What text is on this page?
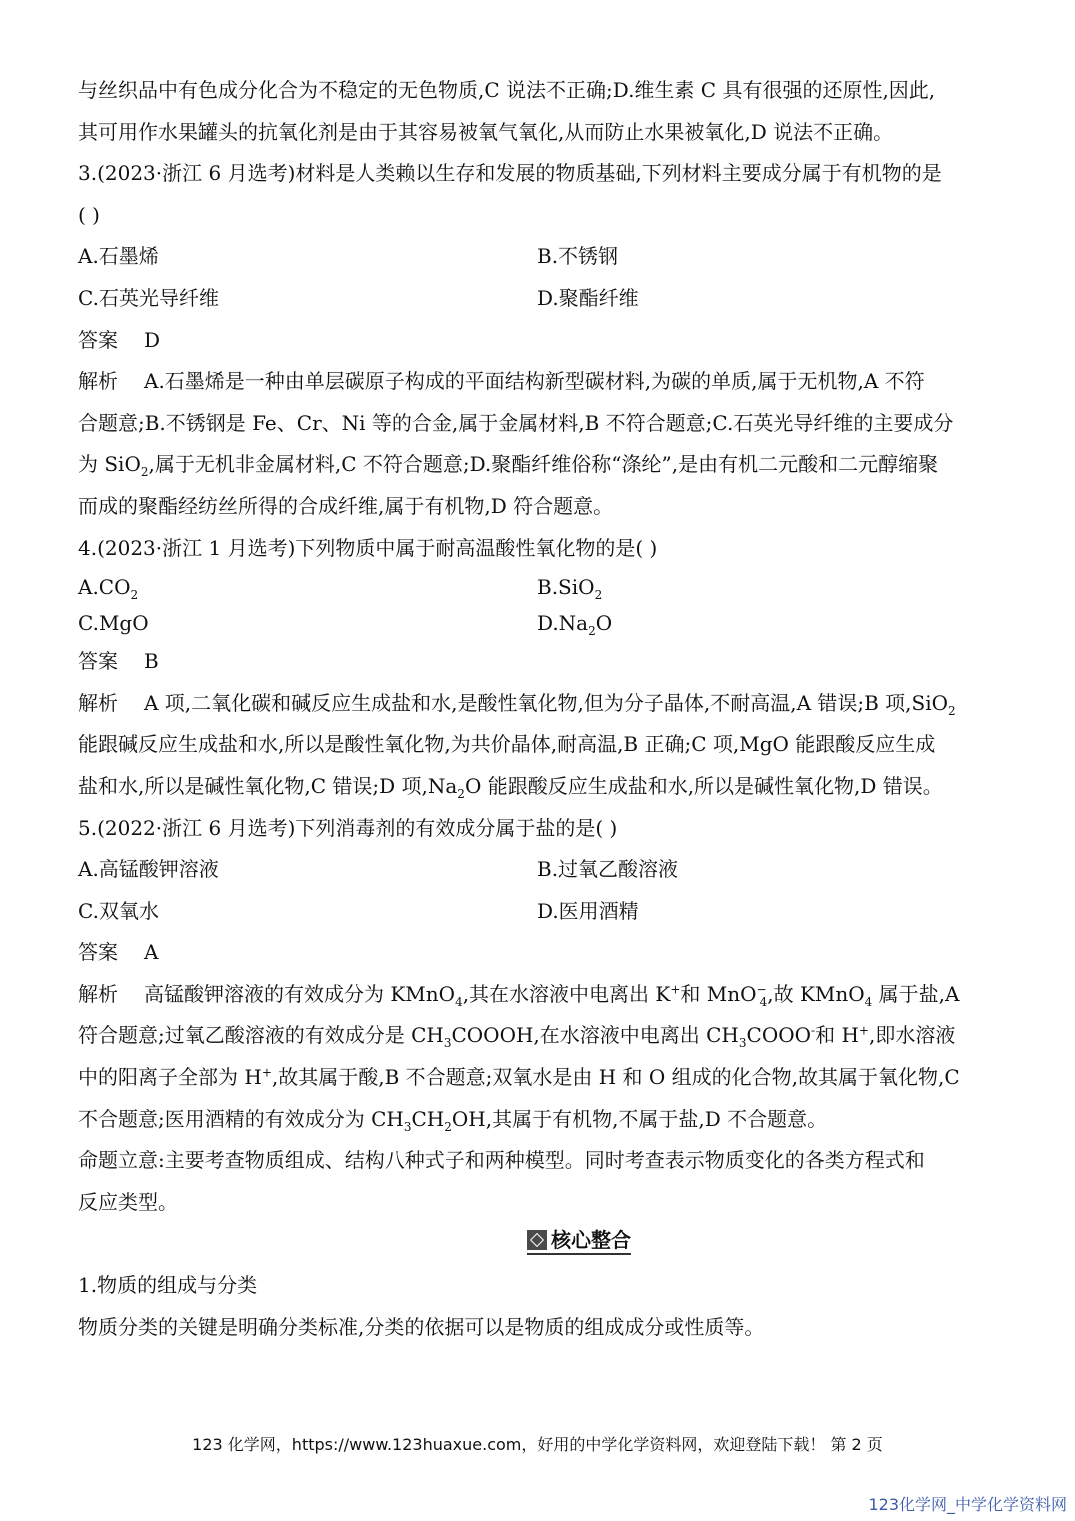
与丝织品中有色成分化合为不稳定的无色物质,C 说法不正确;D.维生素 C 具有很强的还原性,因此,
其可用作水果罐头的抗氧化剂是由于其容易被氧气氧化,从而防止水果被氧化,D 说法不正确。
3.(2023·浙江 6 月选考)材料是人类赖以生存和发展的物质基础,下列材料主要成分属于有机物的是
( )
A.石墨烯	B.不锈钢
C.石英光导纤维	D.聚酯纤维
答案 D
解析 A.石墨烯是一种由单层碳原子构成的平面结构新型碳材料,为碳的单质,属于无机物,A 不符
合题意;B.不锈钢是 Fe、Cr、Ni 等的合金,属于金属材料,B 不符合题意;C.石英光导纤维的主要成分
为 SiO$_2$,属于无机非金属材料,C 不符合题意;D.聚酯纤维俗称“涤纶”,是由有机二元酸和二元醇缩聚
而成的聚酯经纺丝所得的合成纤维,属于有机物,D 符合题意。
4.(2023·浙江 1 月选考)下列物质中属于耐高温酸性氧化物的是( )
$A.CO_2$	B.SiO$_2$
C.MgO	$D.Na_2O$
答案 B
解析 A 项,二氧化碳和碱反应生成盐和水,是酸性氧化物,但为分子晶体,不耐高温,A 错误;B 项,SiO$_2$
能跟碱反应生成盐和水,所以是酸性氧化物,为共价晶体,耐高温,B 正确;C 项,MgO 能跟酸反应生成
盐和水,所以是碱性氧化物,C 错误;D 项$,Na_2O$ 能跟酸反应生成盐和水,所以是碱性氧化物,D 错误。
5.(2022·浙江 6 月选考)下列消毒剂的有效成分属于盐的是( )
A.高锰酸钾溶液	B.过氧乙酸溶液
C.双氧水	D.医用酒精
答案 A
解析 高锰酸钾溶液的有效成分为 KMnO$_4$,其在水溶液中电离出 K+和 MnO−$_4$,故 KMnO$_4$ 属于盐,A
符合题意;过氧乙酸溶液的有效成分是 $CH_3COOOH$,在水溶液中电离出 $CH_3COOO^-$和 H+,即水溶液
中的阳离子全部为 H+,故其属于酸,B 不合题意;双氧水是由 H 和 O 组成的化合物,故其属于氧化物,C
不合题意;医用酒精的有效成分为 $CH_3CH_2OH$,其属于有机物,不属于盐,D 不合题意。
命题立意:主要考查物质组成、结构八种式子和两种模型。同时考查表示物质变化的各类方程式和
反应类型。
核心整合
1.物质的组成与分类
物质分类的关键是明确分类标准,分类的依据可以是物质的组成成分或性质等。
123 化学网，https://www.123huaxue.com，好用的中学化学资料网，欢迎登陆下载！ 第 2 页
123化学网_中学化学资料网
